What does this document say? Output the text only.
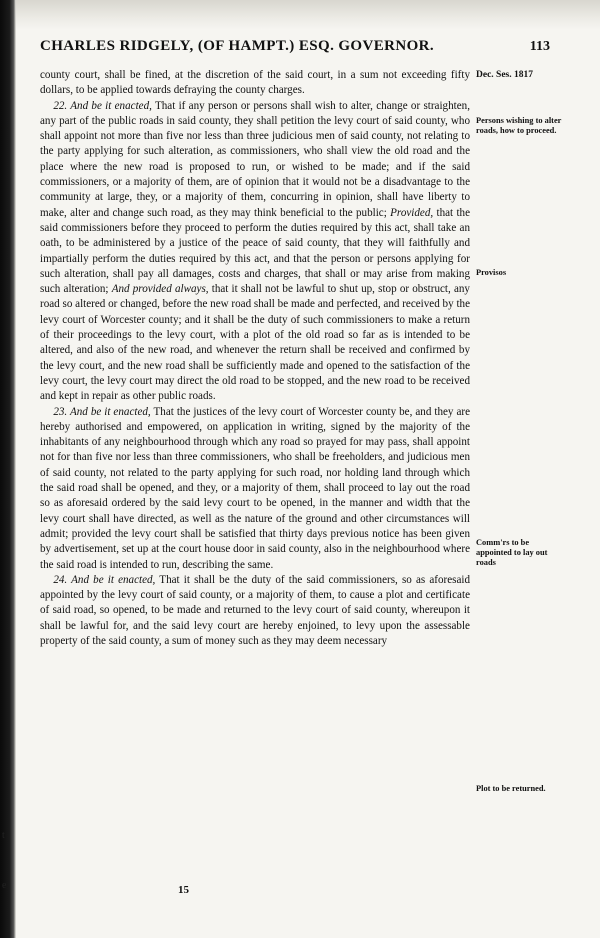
CHARLES RIDGELY, (OF HAMPT.) ESQ. GOVERNOR.	113

county court, shall be fined, at the discretion of the said court, in a sum not exceeding fifty dollars, to be applied towards defraying the county charges.

22. And be it enacted, That if any person or persons shall wish to alter, change or straighten, any part of the public roads in said county, they shall petition the levy court of said county, who shall appoint not more than five nor less than three judicious men of said county, not relating to the party applying for such alteration, as commissioners, who shall view the old road and the place where the new road is proposed to run, or wished to be made; and if the said commissioners, or a majority of them, are of opinion that it would not be a disadvantage to the community at large, they, or a majority of them, concurring in opinion, shall have liberty to make, alter and change such road, as they may think beneficial to the public; Provided, that the said commissioners before they proceed to perform the duties required by this act, shall take an oath, to be administered by a justice of the peace of said county, that they will faithfully and impartially perform the duties required by this act, and that the person or persons applying for such alteration, shall pay all damages, costs and charges, that shall or may arise from making such alteration; And provided always, that it shall not be lawful to shut up, stop or obstruct, any road so altered or changed, before the new road shall be made and perfected, and received by the levy court of Worcester county; and it shall be the duty of such commissioners to make a return of their proceedings to the levy court, with a plot of the old road so far as is intended to be altered, and also of the new road, and whenever the return shall be received and confirmed by the levy court, and the new road shall be sufficiently made and opened to the satisfaction of the levy court, the levy court may direct the old road to be stopped, and the new road to be received and kept in repair as other public roads.

23. And be it enacted, That the justices of the levy court of Worcester county be, and they are hereby authorised and empowered, on application in writing, signed by the majority of the inhabitants of any neighbourhood through which any road so prayed for may pass, shall appoint not for than five nor less than three commissioners, who shall be freeholders, and judicious men of said county, not related to the party applying for such road, nor holding land through which the said road shall be opened, and they, or a majority of them, shall proceed to lay out the road so as aforesaid ordered by the said levy court to be opened, in the manner and width that the levy court shall have directed, as well as the nature of the ground and other circumstances will admit; provided the levy court shall be satisfied that thirty days previous notice has been given by advertisement, set up at the court house door in said county, also in the neighbourhood where the said road is intended to run, describing the same.

24. And be it enacted, That it shall be the duty of the said commissioners, so as aforesaid appointed by the levy court of said county, or a majority of them, to cause a plot and certificate of said road, so opened, to be made and returned to the levy court of said county, whereupon it shall be lawful for, and the said levy court are hereby enjoined, to levy upon the assessable property of the said county, a sum of money such as they may deem necessary

Dec. Ses. 1817
Persons wishing to alter roads, how to proceed.
Provisos
Comm'rs to be appointed to lay out roads
Plot to be returned.
15
t
e
